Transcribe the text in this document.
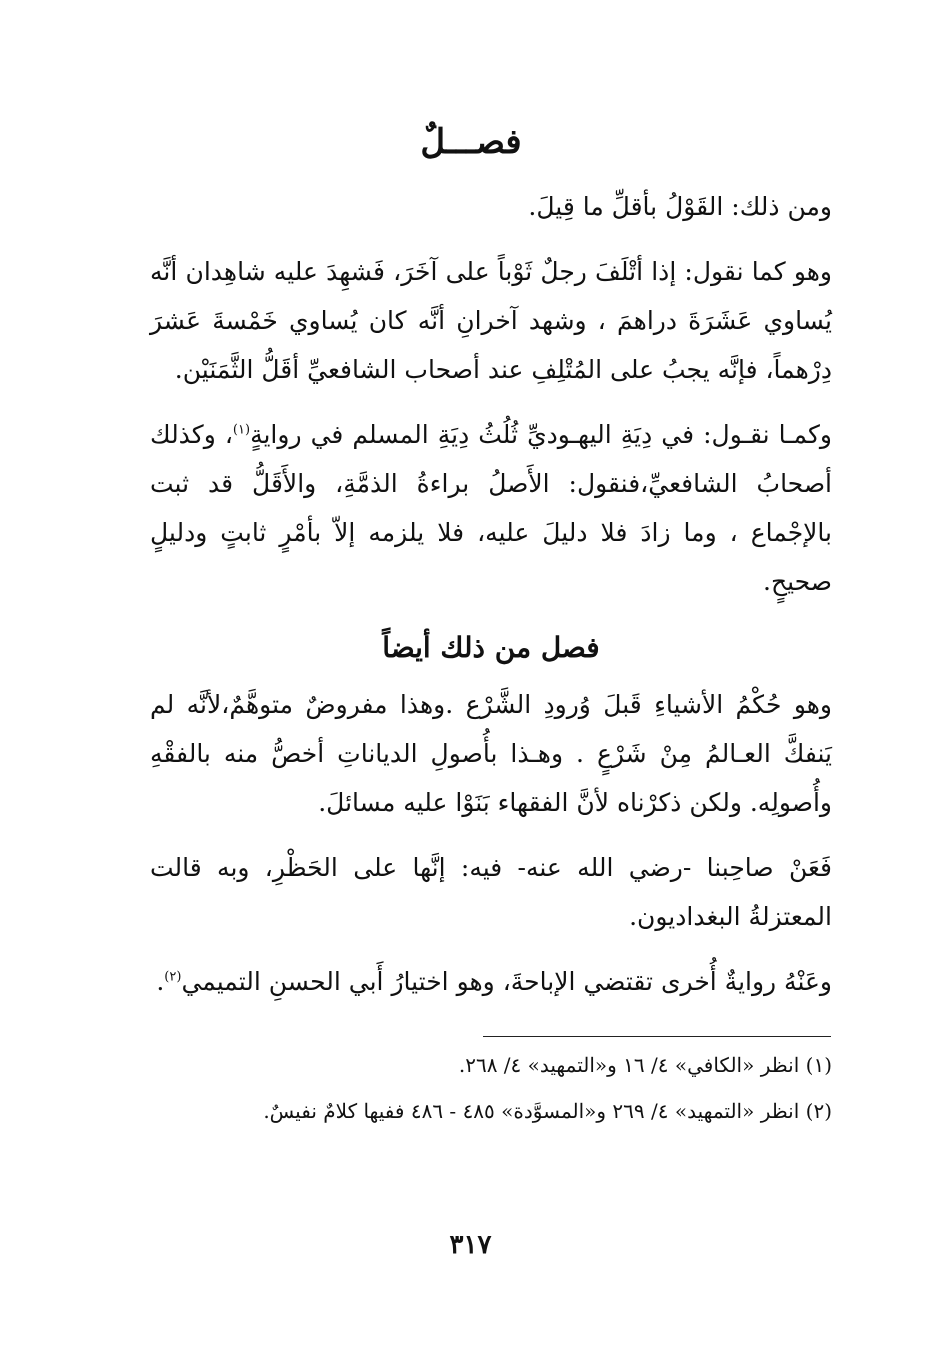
فصـــلٌ

ومن ذلك: القَوْلُ بأقلِّ ما قِيلَ.

وهو كما نقول: إذا أتْلَفَ رجلٌ ثَوْباً على آخَرَ، فَشهِدَ عليه شاهِدان أنَّه يُساوي عَشَرَةَ دراهمَ ، وشهد آخرانِ أنَّه كان يُساوي خَمْسةَ عَشرَ دِرْهماً، فإنَّه يجبُ على المُتْلِفِ عند أصحاب الشافعيِّ أقَلُّ الثَّمَنَيْن.

وكمـا نقـول: في دِيَةِ اليهـوديِّ ثُلُثُ دِيَةِ المسلم في روايةٍ$^{(١)}$، وكذلك أصحابُ الشافعيِّ،فنقول: الأَصلُ براءةُ الذمَّةِ، والأَقَلُّ قد ثبت بالإجْماع ، وما زادَ فلا دليلَ عليه، فلا يلزمه إلاّ بأمْرٍ ثابتٍ ودليلٍ صحيحٍ.

فصل من ذلك أيضاً

وهو حُكْمُ الأشياءِ قَبلَ وُرودِ الشَّرْع .وهذا مفروضٌ متوهَّمٌ،لأنَّه لم يَنفكَّ العـالمُ مِنْ شَرْعٍ . وهـذا بأُصولِ الدياناتِ أخصُّ منه بالفقْهِ وأُصولِه. ولكن ذكرْناه لأنَّ الفقهاء بَنَوْا عليه مسائلَ.

فَعَنْ صاحِبنا -رضي الله عنه- فيه: إنَّها على الحَظْرِ، وبه قالت المعتزلةُ البغداديون.

وعَنْهُ روايةٌ أُخرى تقتضي الإباحةَ، وهو اختيارُ أَبي الحسنِ التميمي$^{(٢)}$.

(١) انظر «الكافي» ٤/ ١٦ و«التمهيد» ٤/ ٢٦٨.

(٢) انظر «التمهيد» ٤/ ٢٦٩ و«المسوَّدة» ٤٨٥ - ٤٨٦ ففيها كلامٌ نفيسٌ.

٣١٧
